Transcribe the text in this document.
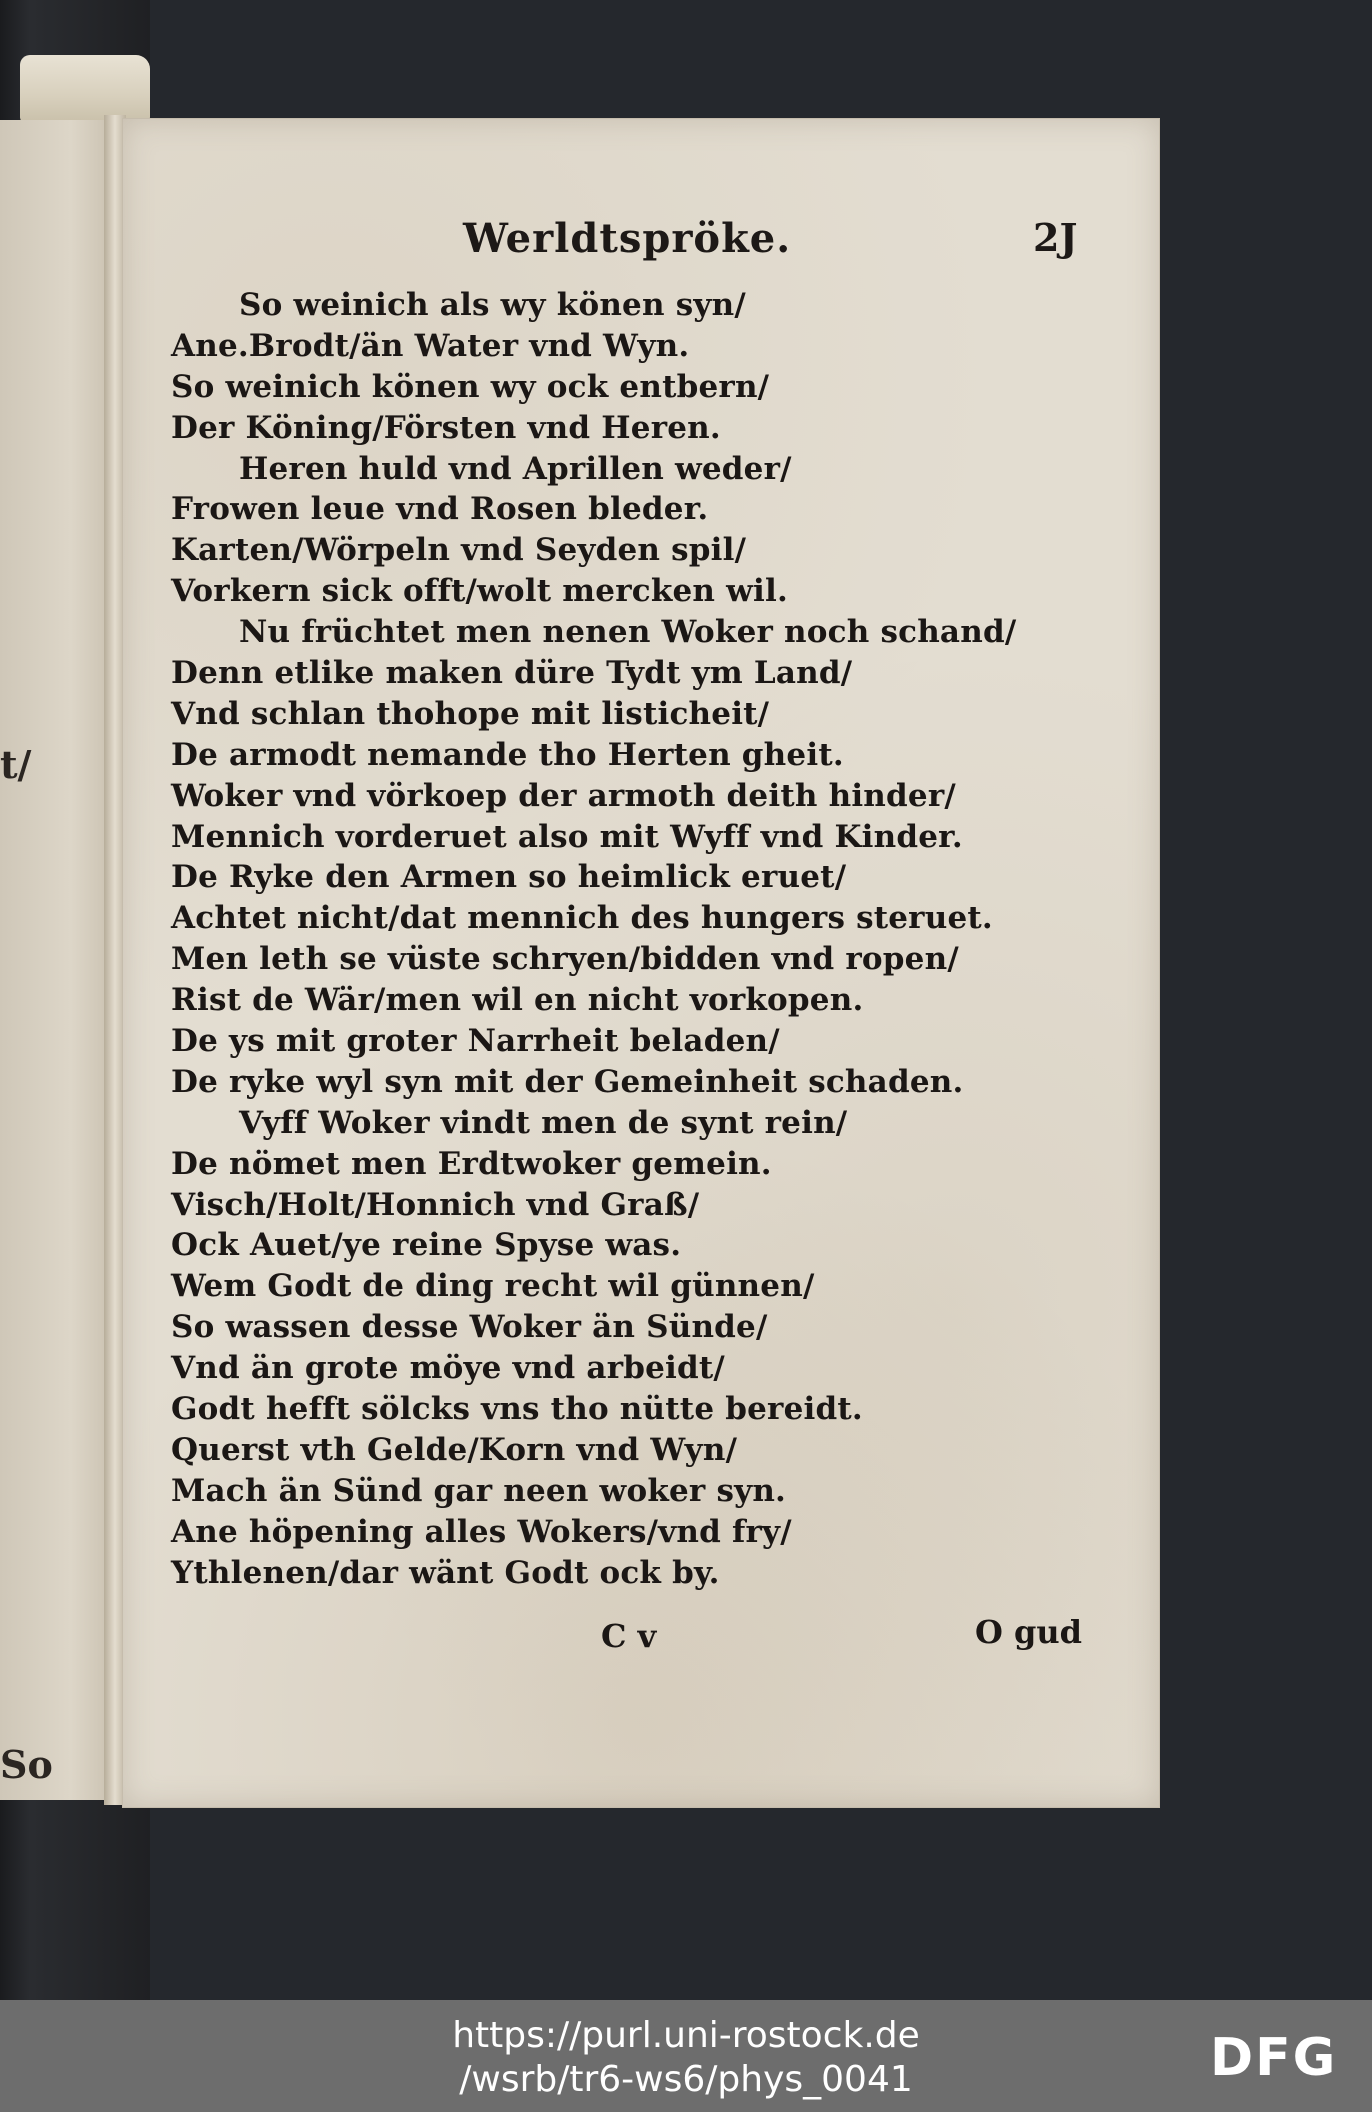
t/
So
Werldtspröke.	2J
So weinich als wy könen syn/
Ane.Brodt/än Water vnd Wyn.
So weinich könen wy ock entbern/
Der Köning/Försten vnd Heren.
Heren huld vnd Aprillen weder/
Frowen leue vnd Rosen bleder.
Karten/Wörpeln vnd Seyden spil/
Vorkern sick offt/wolt mercken wil.
Nu früchtet men nenen Woker noch schand/
Denn etlike maken düre Tydt ym Land/
Vnd schlan thohope mit listicheit/
De armodt nemande tho Herten gheit.
Woker vnd vörkoep der armoth deith hinder/
Mennich vorderuet also mit Wyff vnd Kinder.
De Ryke den Armen so heimlick eruet/
Achtet nicht/dat mennich des hungers steruet.
Men leth se vüste schryen/bidden vnd ropen/
Rist de Wär/men wil en nicht vorkopen.
De ys mit groter Narrheit beladen/
De ryke wyl syn mit der Gemeinheit schaden.
Vyff Woker vindt men de synt rein/
De nömet men Erdtwoker gemein.
Visch/Holt/Honnich vnd Graß/
Ock Auet/ye reine Spyse was.
Wem Godt de ding recht wil günnen/
So wassen desse Woker än Sünde/
Vnd än grote möye vnd arbeidt/
Godt hefft sölcks vns tho nütte bereidt.
Querst vth Gelde/Korn vnd Wyn/
Mach än Sünd gar neen woker syn.
Ane höpening alles Wokers/vnd fry/
Ythlenen/dar wänt Godt ock by.
C v	O gud
https://purl.uni-rostock.de
/wsrb/tr6-ws6/phys_0041	DFG
